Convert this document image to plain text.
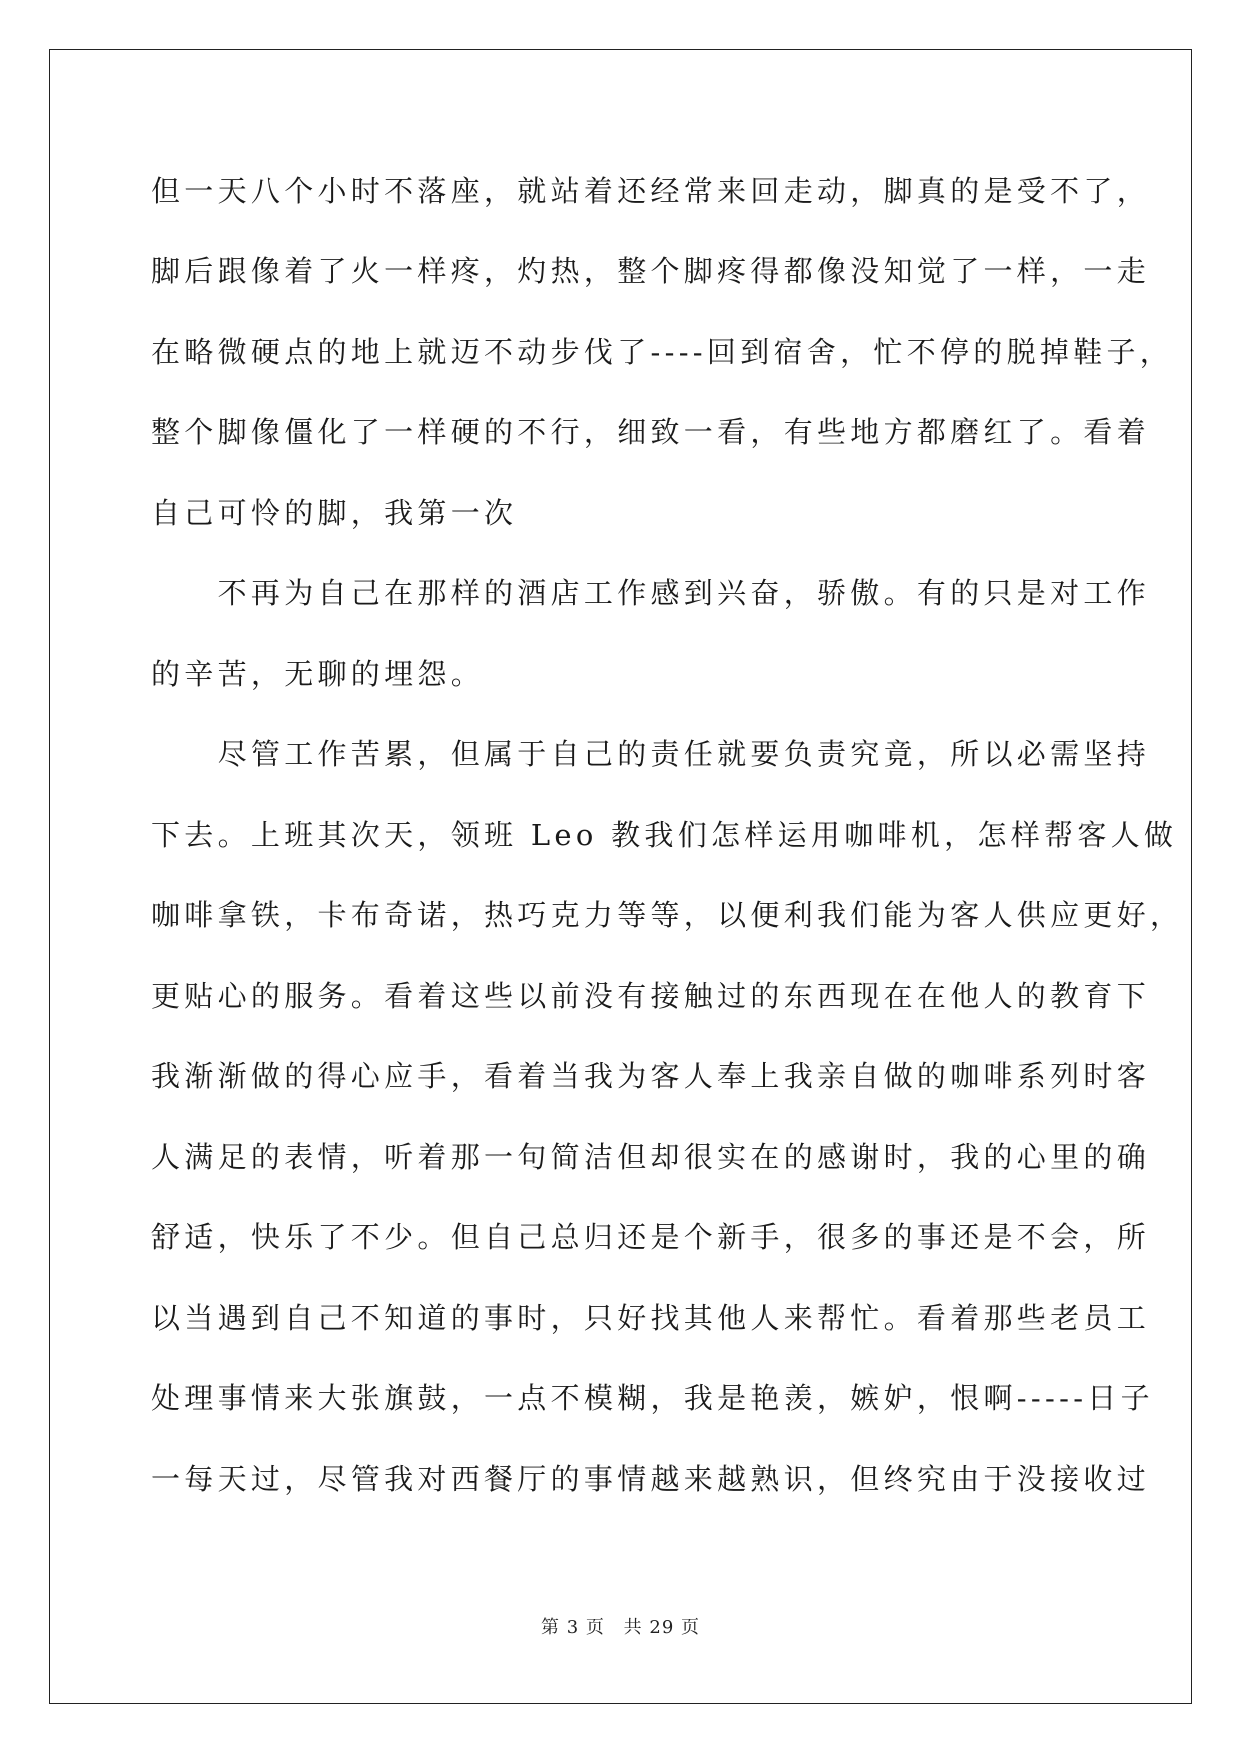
但一天八个小时不落座，就站着还经常来回走动，脚真的是受不了，
脚后跟像着了火一样疼，灼热，整个脚疼得都像没知觉了一样，一走
在略微硬点的地上就迈不动步伐了----回到宿舍，忙不停的脱掉鞋子，
整个脚像僵化了一样硬的不行，细致一看，有些地方都磨红了。看着
自己可怜的脚，我第一次
　　不再为自己在那样的酒店工作感到兴奋，骄傲。有的只是对工作
的辛苦，无聊的埋怨。
　　尽管工作苦累，但属于自己的责任就要负责究竟，所以必需坚持
下去。上班其次天，领班 Leo 教我们怎样运用咖啡机，怎样帮客人做
咖啡拿铁，卡布奇诺，热巧克力等等，以便利我们能为客人供应更好，
更贴心的服务。看着这些以前没有接触过的东西现在在他人的教育下
我渐渐做的得心应手，看着当我为客人奉上我亲自做的咖啡系列时客
人满足的表情，听着那一句简洁但却很实在的感谢时，我的心里的确
舒适，快乐了不少。但自己总归还是个新手，很多的事还是不会，所
以当遇到自己不知道的事时，只好找其他人来帮忙。看着那些老员工
处理事情来大张旗鼓，一点不模糊，我是艳羡，嫉妒，恨啊-----日子
一每天过，尽管我对西餐厅的事情越来越熟识，但终究由于没接收过
第 3 页 共 29 页
